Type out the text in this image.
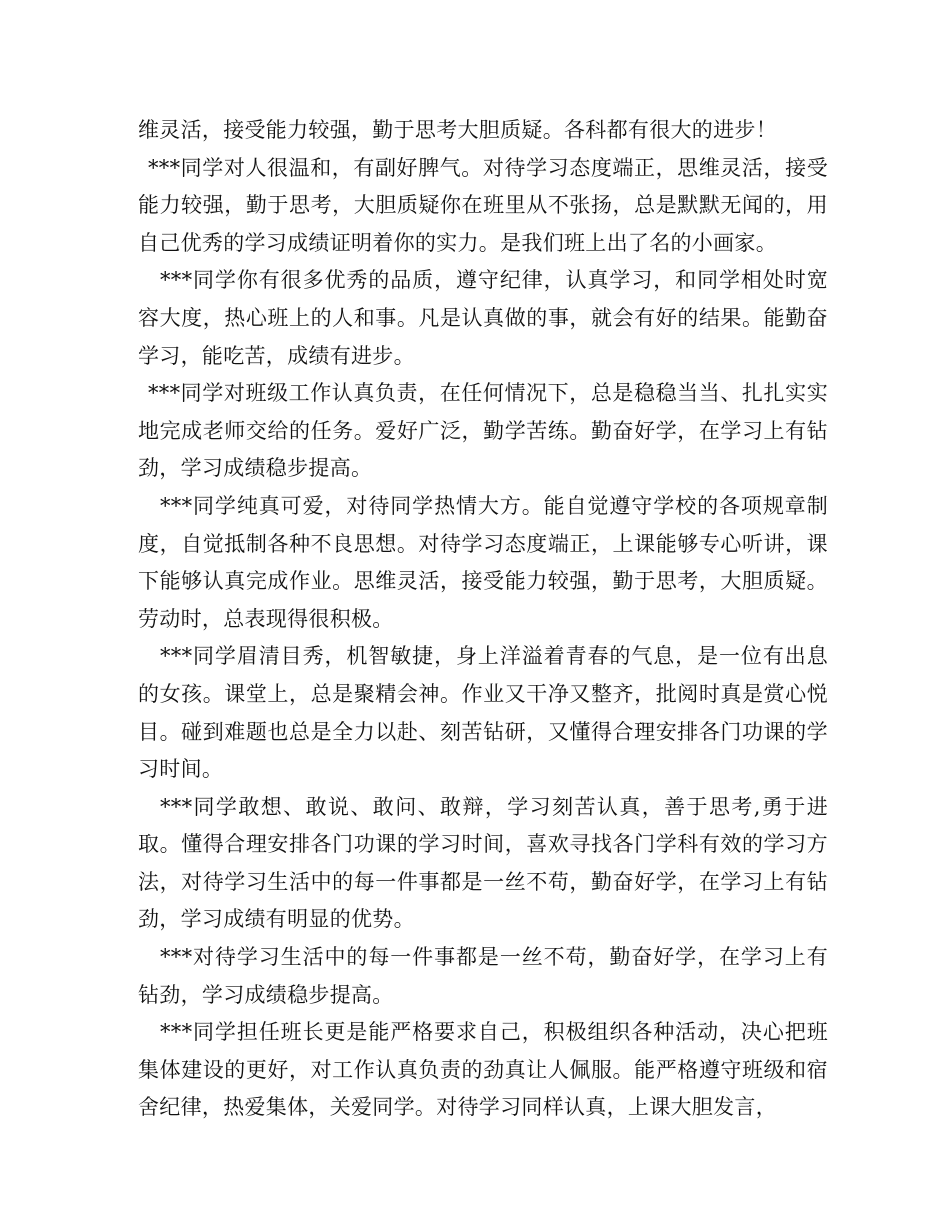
维灵活，接受能力较强，勤于思考大胆质疑。各科都有很大的进步！

***同学对人很温和，有副好脾气。对待学习态度端正，思维灵活，接受能力较强，勤于思考，大胆质疑你在班里从不张扬，总是默默无闻的，用自己优秀的学习成绩证明着你的实力。是我们班上出了名的小画家。

***同学你有很多优秀的品质，遵守纪律，认真学习，和同学相处时宽容大度，热心班上的人和事。凡是认真做的事，就会有好的结果。能勤奋学习，能吃苦，成绩有进步。

***同学对班级工作认真负责，在任何情况下，总是稳稳当当、扎扎实实地完成老师交给的任务。爱好广泛，勤学苦练。勤奋好学，在学习上有钻劲，学习成绩稳步提高。

***同学纯真可爱，对待同学热情大方。能自觉遵守学校的各项规章制度，自觉抵制各种不良思想。对待学习态度端正，上课能够专心听讲，课下能够认真完成作业。思维灵活，接受能力较强，勤于思考，大胆质疑。劳动时，总表现得很积极。

***同学眉清目秀，机智敏捷，身上洋溢着青春的气息，是一位有出息的女孩。课堂上，总是聚精会神。作业又干净又整齐，批阅时真是赏心悦目。碰到难题也总是全力以赴、刻苦钻研，又懂得合理安排各门功课的学习时间。

***同学敢想、敢说、敢问、敢辩，学习刻苦认真，善于思考,勇于进取。懂得合理安排各门功课的学习时间，喜欢寻找各门学科有效的学习方法，对待学习生活中的每一件事都是一丝不苟，勤奋好学，在学习上有钻劲，学习成绩有明显的优势。

***对待学习生活中的每一件事都是一丝不苟，勤奋好学，在学习上有钻劲，学习成绩稳步提高。

***同学担任班长更是能严格要求自己，积极组织各种活动，决心把班集体建设的更好，对工作认真负责的劲真让人佩服。能严格遵守班级和宿舍纪律，热爱集体，关爱同学。对待学习同样认真，上课大胆发言，
